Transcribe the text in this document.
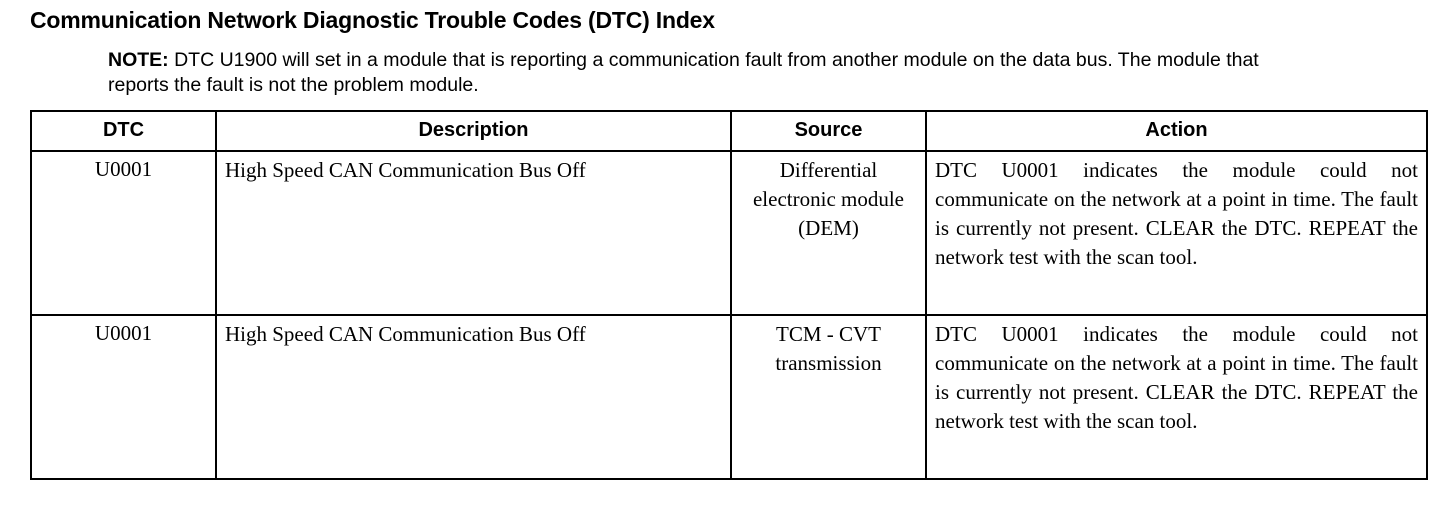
Communication Network Diagnostic Trouble Codes (DTC) Index

NOTE: DTC U1900 will set in a module that is reporting a communication fault from another module on the data bus. The module that reports the fault is not the problem module.

DTC	Description	Source	Action
U0001	High Speed CAN Communication Bus Off	Differential electronic module (DEM)	DTC U0001 indicates the module could not communicate on the network at a point in time. The fault is currently not present. CLEAR the DTC. REPEAT the network test with the scan tool.
U0001	High Speed CAN Communication Bus Off	TCM - CVT transmission	DTC U0001 indicates the module could not communicate on the network at a point in time. The fault is currently not present. CLEAR the DTC. REPEAT the network test with the scan tool.
